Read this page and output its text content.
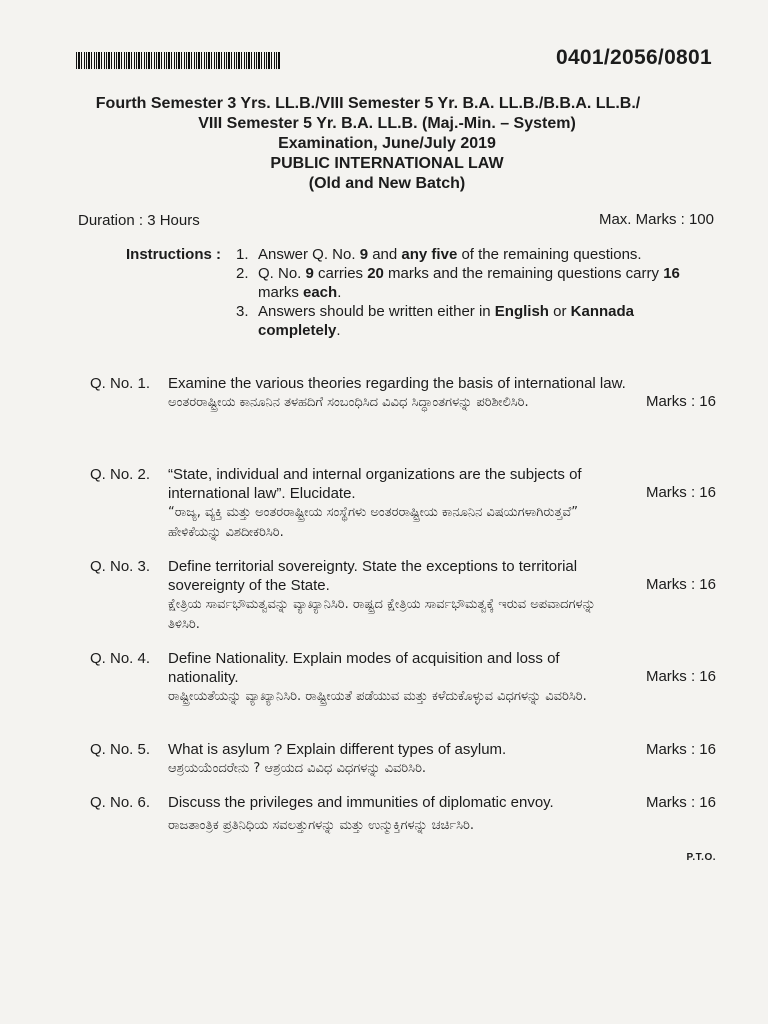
0401/2056/0801
Fourth Semester 3 Yrs. LL.B./VIII Semester 5 Yr. B.A. LL.B./B.B.A. LL.B./
VIII Semester 5 Yr. B.A. LL.B. (Maj.-Min. – System)
Examination, June/July 2019
PUBLIC INTERNATIONAL LAW
(Old and New Batch)
Duration : 3 Hours	Max. Marks : 100
Instructions : 1. Answer Q. No. 9 and any five of the remaining questions.
2. Q. No. 9 carries 20 marks and the remaining questions carry 16 marks each.
3. Answers should be written either in English or Kannada completely.
Q. No. 1. Examine the various theories regarding the basis of international law.
ಅಂತರರಾಷ್ಟ್ರೀಯ ಕಾನೂನಿನ ತಳಹದಿಗೆ ಸಂಬಂಧಿಸಿದ ವಿವಿಧ ಸಿದ್ಧಾಂತಗಳನ್ನು ಪರಿಶೀಲಿಸಿರಿ.	Marks : 16
Q. No. 2. “State, individual and internal organizations are the subjects of international law”. Elucidate.
“ರಾಜ್ಯ, ವ್ಯಕ್ತಿ ಮತ್ತು ಅಂತರರಾಷ್ಟ್ರೀಯ ಸಂಸ್ಥೆಗಳು ಅಂತರರಾಷ್ಟ್ರೀಯ ಕಾನೂನಿನ ವಿಷಯಗಳಾಗಿರುತ್ತವೆ” ಹೇಳಿಕೆಯನ್ನು ವಿಶದೀಕರಿಸಿರಿ.
Marks : 16
Q. No. 3. Define territorial sovereignty. State the exceptions to territorial sovereignty of the State.
ಕ್ಷೇತ್ರಿಯ ಸಾರ್ವಭೌಮತ್ವವನ್ನು ವ್ಯಾಖ್ಯಾನಿಸಿರಿ. ರಾಷ್ಟ್ರದ ಕ್ಷೇತ್ರಿಯ ಸಾರ್ವಭೌಮತ್ವಕ್ಕೆ ಇರುವ ಅಪವಾದಗಳನ್ನು ತಿಳಿಸಿರಿ.
Marks : 16
Q. No. 4. Define Nationality. Explain modes of acquisition and loss of nationality.
ರಾಷ್ಟ್ರೀಯತೆಯನ್ನು ವ್ಯಾಖ್ಯಾನಿಸಿರಿ. ರಾಷ್ಟ್ರೀಯತೆ ಪಡೆಯುವ ಮತ್ತು ಕಳೆದುಕೊಳ್ಳುವ ವಿಧಗಳನ್ನು ವಿವರಿಸಿರಿ.
Marks : 16
Q. No. 5. What is asylum ? Explain different types of asylum.
ಆಶ್ರಯಯೆಂದರೇನು ? ಆಶ್ರಯದ ವಿವಿಧ ವಿಧಗಳನ್ನು ವಿವರಿಸಿರಿ.
Marks : 16
Q. No. 6. Discuss the privileges and immunities of diplomatic envoy.
ರಾಜತಾಂತ್ರಿಕ ಪ್ರತಿನಿಧಿಯ ಸವಲತ್ತುಗಳನ್ನು ಮತ್ತು ಉನ್ಮುಕ್ತಿಗಳನ್ನು ಚರ್ಚಿಸಿರಿ.
Marks : 16
P.T.O.
